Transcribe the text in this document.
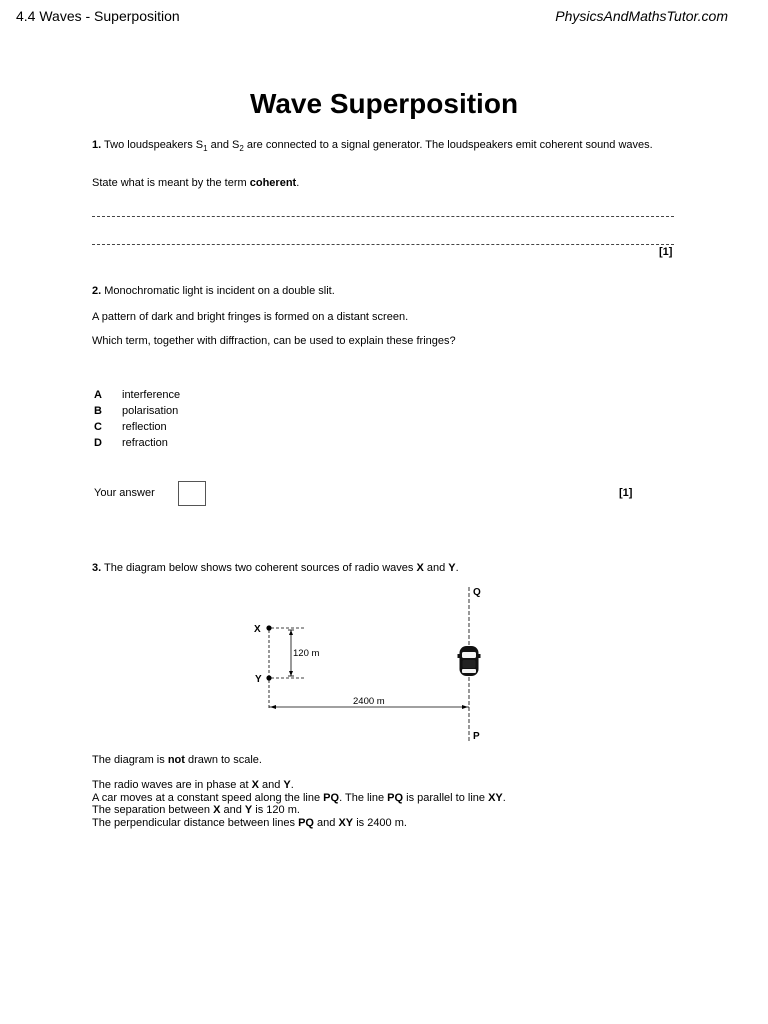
4.4 Waves - Superposition	PhysicsAndMathsTutor.com
Wave Superposition
1. Two loudspeakers $S_1$ and $S_2$ are connected to a signal generator. The loudspeakers emit coherent sound waves.
State what is meant by the term coherent.
[1]
2. Monochromatic light is incident on a double slit.
A pattern of dark and bright fringes is formed on a distant screen.
Which term, together with diffraction, can be used to explain these fringes?
A interference
B polarisation
C reflection
D refraction
Your answer	[1]
3. The diagram below shows two coherent sources of radio waves X and Y.
X
Y
120 m
Q
P
2400 m
The diagram is not drawn to scale.
The radio waves are in phase at X and Y.
A car moves at a constant speed along the line PQ. The line PQ is parallel to line XY.
The separation between X and Y is 120 m.
The perpendicular distance between lines PQ and XY is 2400 m.
